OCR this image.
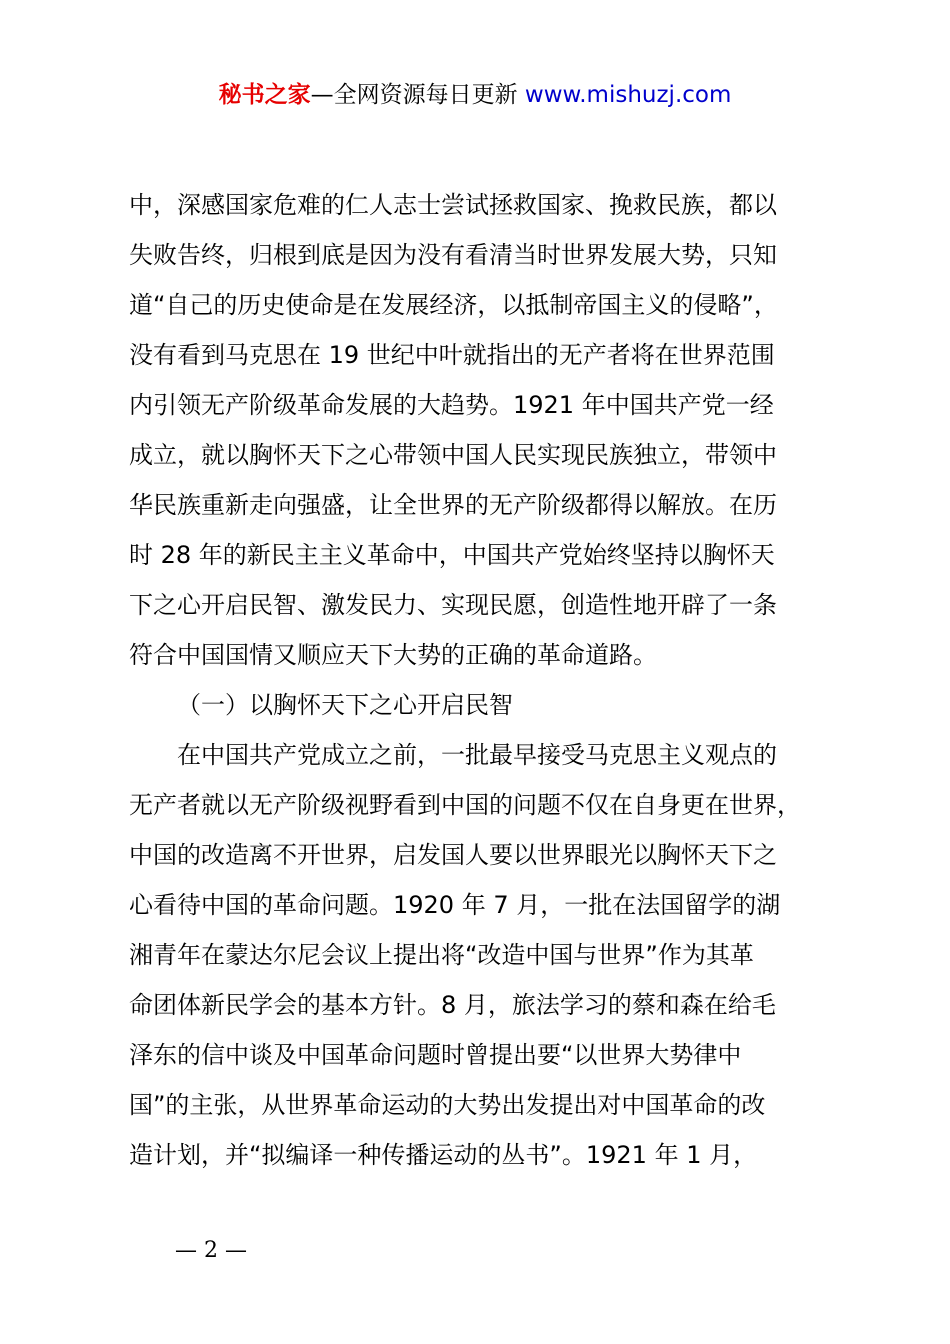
秘书之家—全网资源每日更新 www.mishuzj.com
中，深感国家危难的仁人志士尝试拯救国家、挽救民族，都以
失败告终，归根到底是因为没有看清当时世界发展大势，只知
道“自己的历史使命是在发展经济，以抵制帝国主义的侵略”，
没有看到马克思在 19 世纪中叶就指出的无产者将在世界范围
内引领无产阶级革命发展的大趋势。1921 年中国共产党一经
成立，就以胸怀天下之心带领中国人民实现民族独立，带领中
华民族重新走向强盛，让全世界的无产阶级都得以解放。在历
时 28 年的新民主主义革命中，中国共产党始终坚持以胸怀天
下之心开启民智、激发民力、实现民愿，创造性地开辟了一条
符合中国国情又顺应天下大势的正确的革命道路。
（一）以胸怀天下之心开启民智
在中国共产党成立之前，一批最早接受马克思主义观点的
无产者就以无产阶级视野看到中国的问题不仅在自身更在世界，
中国的改造离不开世界，启发国人要以世界眼光以胸怀天下之
心看待中国的革命问题。1920 年 7 月，一批在法国留学的湖
湘青年在蒙达尔尼会议上提出将“改造中国与世界”作为其革
命团体新民学会的基本方针。8 月，旅法学习的蔡和森在给毛
泽东的信中谈及中国革命问题时曾提出要“以世界大势律中
国”的主张，从世界革命运动的大势出发提出对中国革命的改
造计划，并“拟编译一种传播运动的丛书”。1921 年 1 月，
— 2 —
